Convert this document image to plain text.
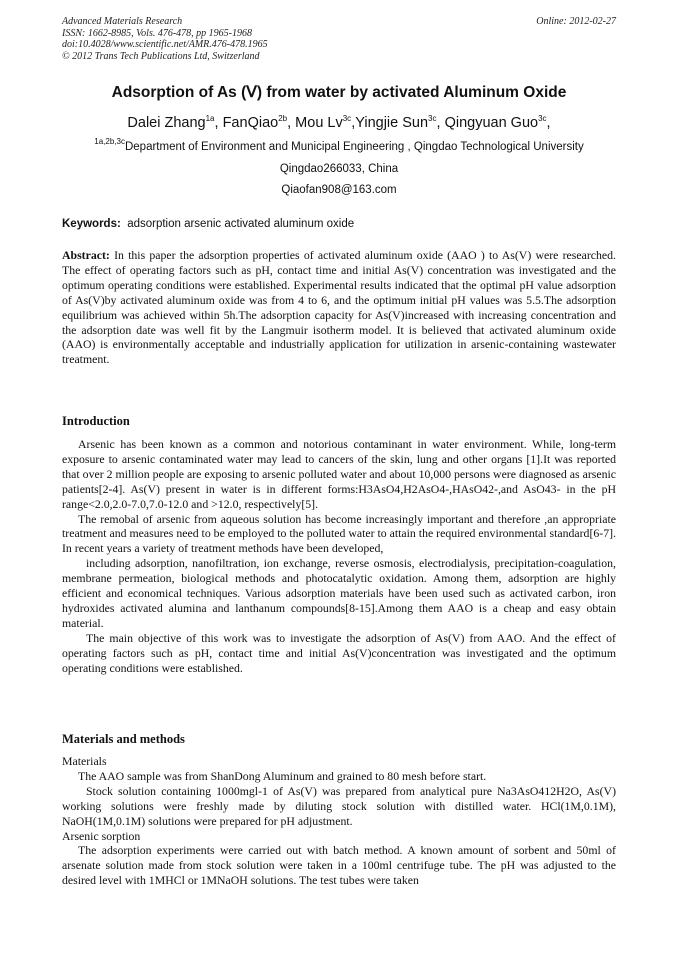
Advanced Materials Research	Online: 2012-02-27
ISSN: 1662-8985, Vols. 476-478, pp 1965-1968
doi:10.4028/www.scientific.net/AMR.476-478.1965
© 2012 Trans Tech Publications Ltd, Switzerland
Adsorption of As (Ⅴ) from water by activated Aluminum Oxide
Dalei Zhang$^{1a}$, FanQiao$^{2b}$, Mou $Lv^{3c},Yingjie$ Sun$^{3c}$, Qingyuan Guo$^{3c}$,
$^{1a,2b,3c}$Department of Environment and Municipal Engineering , Qingdao Technological University
Qingdao266033, China
Qiaofan908@163.com
Keywords: adsorption arsenic activated aluminum oxide

Abstract: In this paper the adsorption properties of activated aluminum oxide (AAO ) to As(V) were researched. The effect of operating factors such as pH, contact time and initial As(V) concentration was investigated and the optimum operating conditions were established. Experimental results indicated that the optimal pH value adsorption of As(V)by activated aluminum oxide was from 4 to 6, and the optimum initial pH values was 5.5.The adsorption equilibrium was achieved within 5h.The adsorption capacity for As(V)increased with increasing concentration and the adsorption date was well fit by the Langmuir isotherm model. It is believed that activated aluminum oxide (AAO) is environmentally acceptable and industrially application for utilization in arsenic-containing wastewater treatment.

Introduction

Arsenic has been known as a common and notorious contaminant in water environment. While, long-term exposure to arsenic contaminated water may lead to cancers of the skin, lung and other organs [1].It was reported that over 2 million people are exposing to arsenic polluted water and about 10,000 persons were diagnosed as arsenic patients[2-4]. As(V) present in water is in different forms:H3AsO4,H2AsO4-,HAsO42-,and AsO43- in the pH range<2.0,2.0-7.0,7.0-12.0 and >12.0, respectively[5].

The remobal of arsenic from aqueous solution has become increasingly important and therefore ,an appropriate treatment and measures need to be employed to the polluted water to attain the required environmental standard[6-7]. In recent years a variety of treatment methods have been developed,

including adsorption, nanofiltration, ion exchange, reverse osmosis, electrodialysis, precipitation-coagulation, membrane permeation, biological methods and photocatalytic oxidation. Among them, adsorption are highly efficient and economical techniques. Various adsorption materials have been used such as activated carbon, iron hydroxides activated alumina and lanthanum compounds[8-15].Among them AAO is a cheap and easy obtain material.

The main objective of this work was to investigate the adsorption of As(V) from AAO. And the effect of operating factors such as pH, contact time and initial As(V)concentration was investigated and the optimum operating conditions were established.

Materials and methods

Materials

The AAO sample was from ShanDong Aluminum and grained to 80 mesh before start.

Stock solution containing 1000mgl-1 of As(V) was prepared from analytical pure Na3AsO412H2O, As(V) working solutions were freshly made by diluting stock solution with distilled water. HCl(1M,0.1M), NaOH(1M,0.1M) solutions were prepared for pH adjustment.

Arsenic sorption

The adsorption experiments were carried out with batch method. A known amount of sorbent and 50ml of arsenate solution made from stock solution were taken in a 100ml centrifuge tube. The pH was adjusted to the desired level with 1MHCl or 1MNaOH solutions. The test tubes were taken
